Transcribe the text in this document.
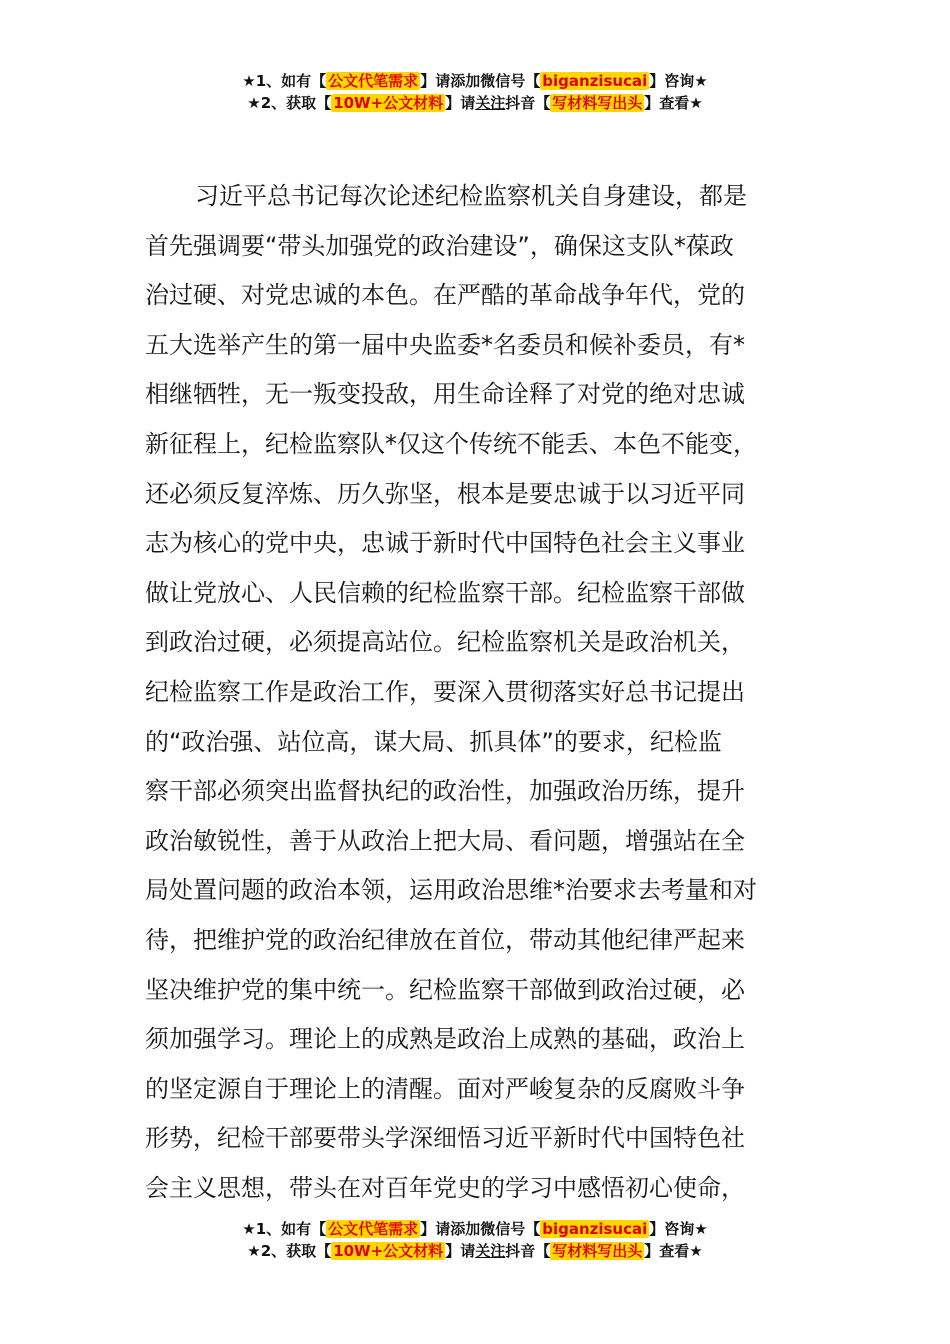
★1、如有【 公文代笔需求 】请添加微信号【 biganzisucai 】咨询★
★2、获取【 10W+公文材料 】请关注抖音【 写材料写出头 】查看★
习近平总书记每次论述纪检监察机关自身建设，都是
首先强调要“带头加强党的政治建设”，确保这支队*葆政
治过硬、对党忠诚的本色。在严酷的革命战争年代，党的
五大选举产生的第一届中央监委*名委员和候补委员，有*
相继牺牲，无一叛变投敌，用生命诠释了对党的绝对忠诚
新征程上，纪检监察队*仅这个传统不能丢、本色不能变，
还必须反复淬炼、历久弥坚，根本是要忠诚于以习近平同
志为核心的党中央，忠诚于新时代中国特色社会主义事业
做让党放心、人民信赖的纪检监察干部。纪检监察干部做
到政治过硬，必须提高站位。纪检监察机关是政治机关，
纪检监察工作是政治工作，要深入贯彻落实好总书记提出
的“政治强、站位高，谋大局、抓具体”的要求，纪检监
察干部必须突出监督执纪的政治性，加强政治历练，提升
政治敏锐性，善于从政治上把大局、看问题，增强站在全
局处置问题的政治本领，运用政治思维*治要求去考量和对
待，把维护党的政治纪律放在首位，带动其他纪律严起来
坚决维护党的集中统一。纪检监察干部做到政治过硬，必
须加强学习。理论上的成熟是政治上成熟的基础，政治上
的坚定源自于理论上的清醒。面对严峻复杂的反腐败斗争
形势，纪检干部要带头学深细悟习近平新时代中国特色社
会主义思想，带头在对百年党史的学习中感悟初心使命，
★1、如有【 公文代笔需求 】请添加微信号【 biganzisucai 】咨询★
★2、获取【 10W+公文材料 】请关注抖音【 写材料写出头 】查看★
